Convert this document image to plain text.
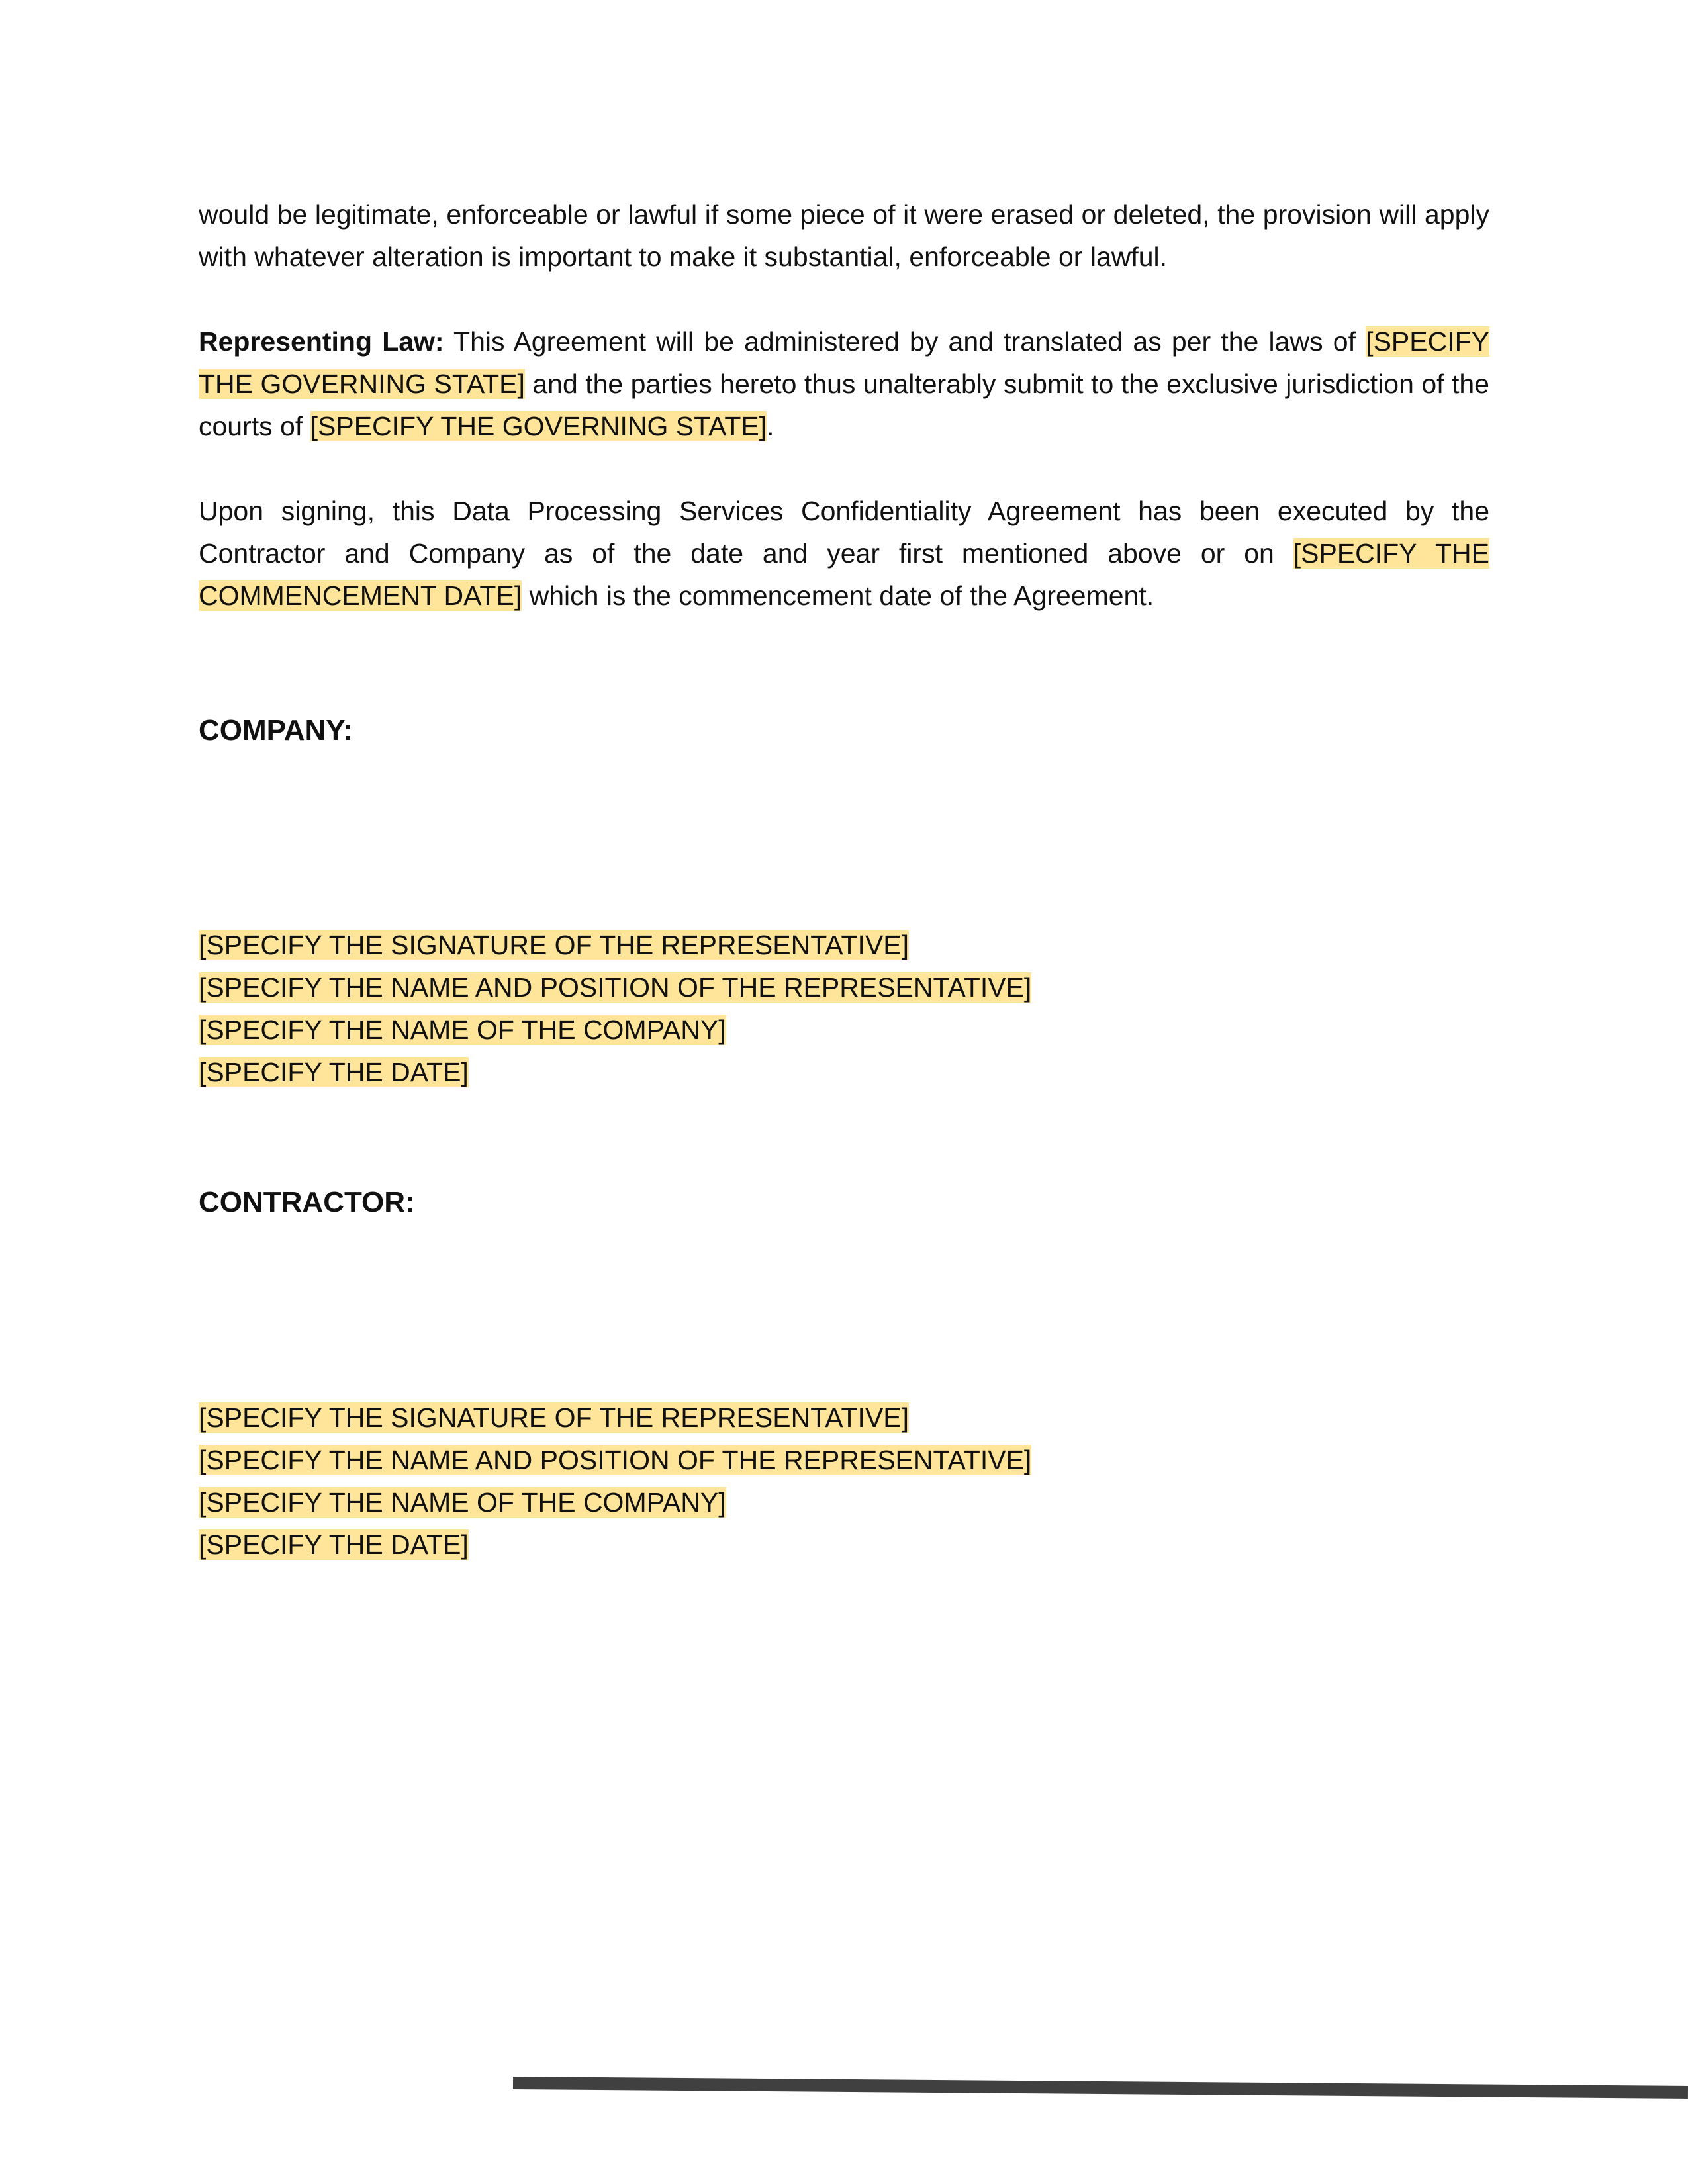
would be legitimate, enforceable or lawful if some piece of it were erased or deleted, the provision will apply with whatever alteration is important to make it substantial, enforceable or lawful.

Representing Law: This Agreement will be administered by and translated as per the laws of [SPECIFY THE GOVERNING STATE] and the parties hereto thus unalterably submit to the exclusive jurisdiction of the courts of [SPECIFY THE GOVERNING STATE].

Upon signing, this Data Processing Services Confidentiality Agreement has been executed by the Contractor and Company as of the date and year first mentioned above or on [SPECIFY THE COMMENCEMENT DATE] which is the commencement date of the Agreement.

COMPANY:
[SPECIFY THE SIGNATURE OF THE REPRESENTATIVE]
[SPECIFY THE NAME AND POSITION OF THE REPRESENTATIVE]
[SPECIFY THE NAME OF THE COMPANY]
[SPECIFY THE DATE]
CONTRACTOR:
[SPECIFY THE SIGNATURE OF THE REPRESENTATIVE]
[SPECIFY THE NAME AND POSITION OF THE REPRESENTATIVE]
[SPECIFY THE NAME OF THE COMPANY]
[SPECIFY THE DATE]
